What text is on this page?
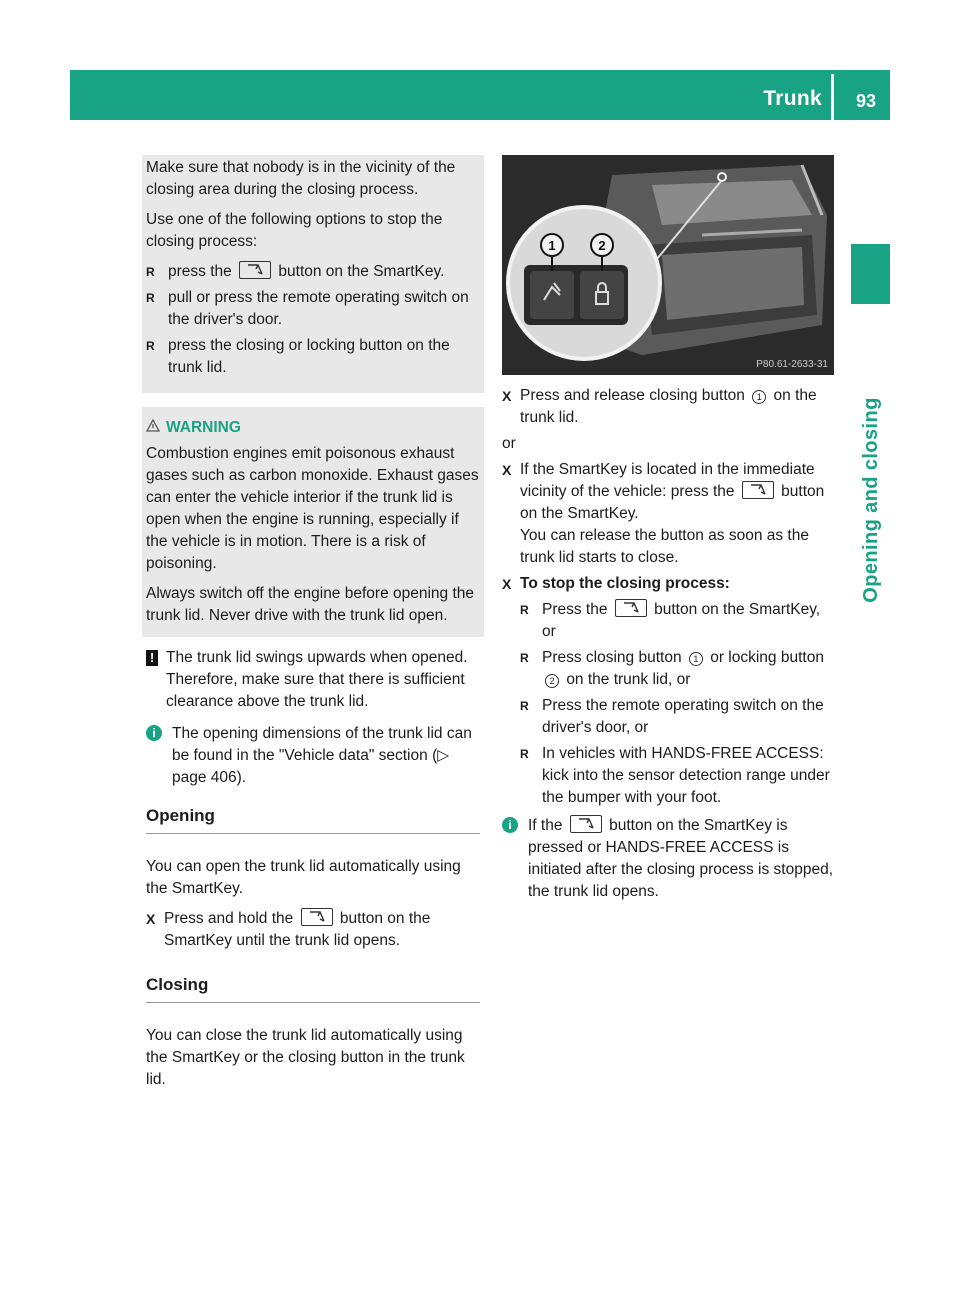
Trunk 93
Opening and closing

Make sure that nobody is in the vicinity of the closing area during the closing process.

Use one of the following options to stop the closing process:

R press the	button on the SmartKey.
R pull or press the remote operating switch on the driver's door.
R press the closing or locking button on the trunk lid.
WARNING

Combustion engines emit poisonous exhaust gases such as carbon monoxide. Exhaust gases can enter the vehicle interior if the trunk lid is open when the engine is running, especially if the vehicle is in motion. There is a risk of poisoning.

Always switch off the engine before opening the trunk lid. Never drive with the trunk lid open.

! The trunk lid swings upwards when opened. Therefore, make sure that there is sufficient clearance above the trunk lid.
i	The opening dimensions of the trunk lid can be found in the "Vehicle data" section (▷ page 406).
Opening

You can open the trunk lid automatically using the SmartKey.

X Press and hold the	button on the SmartKey until the trunk lid opens.
Closing

You can close the trunk lid automatically using the SmartKey or the closing button in the trunk lid.

1	2
P80.61-2633-31
X Press and release closing button 1 on the trunk lid.

or

X If the SmartKey is located in the immediate vicinity of the vehicle: press the	button on the SmartKey.
You can release the button as soon as the trunk lid starts to close.
X To stop the closing process:
R Press the	button on the SmartKey, or
R Press closing button 1 or locking button 2 on the trunk lid, or
R Press the remote operating switch on the driver's door, or
R In vehicles with HANDS-FREE ACCESS: kick into the sensor detection range under the bumper with your foot.
i	If the	button on the SmartKey is pressed or HANDS-FREE ACCESS is initiated after the closing process is stopped, the trunk lid opens.
